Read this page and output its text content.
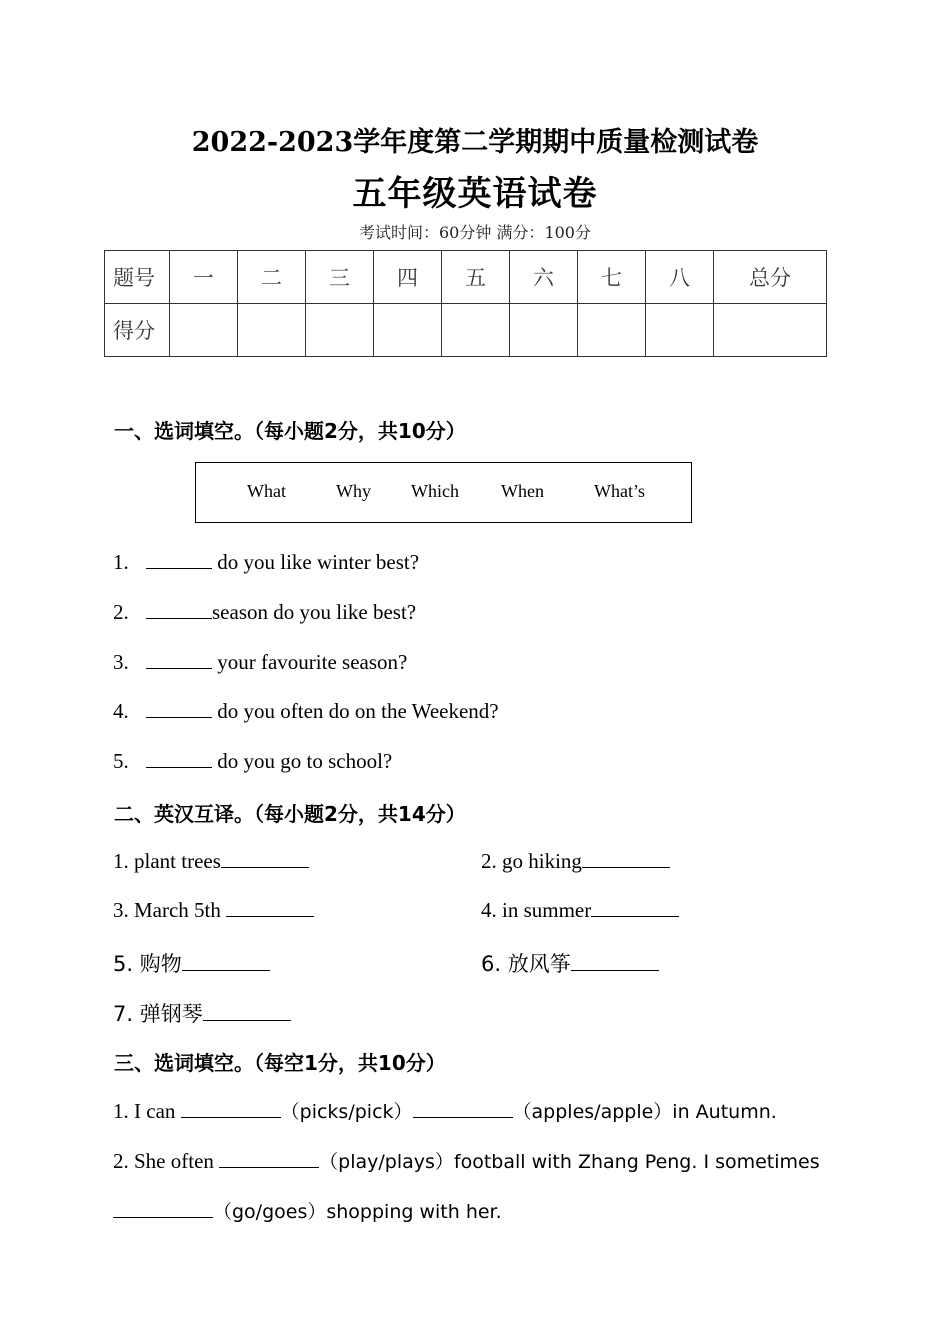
2022-2023学年度第二学期期中质量检测试卷
五年级英语试卷
考试时间：60分钟 满分：100分
题号	一	二	三	四	五	六	七	八	总分
得分									
一、选词填空。（每小题2分，共10分）
What	Why Which When	What’s
1.	do you like winter best?
2.	season do you like best?
3.	your favourite season?
4.	do you often do on the Weekend?
5.	do you go to school?
二、英汉互译。（每小题2分，共14分）
1. plant trees	2. go hiking
3. March 5th	4. in summer
5. 购物	6. 放风筝
7. 弹钢琴
三、选词填空。（每空1分，共10分）
1. I can	（picks/pick）	（apples/apple）in Autumn.
2. She often	（play/plays）football with Zhang Peng. I sometimes
（go/goes）shopping with her.
